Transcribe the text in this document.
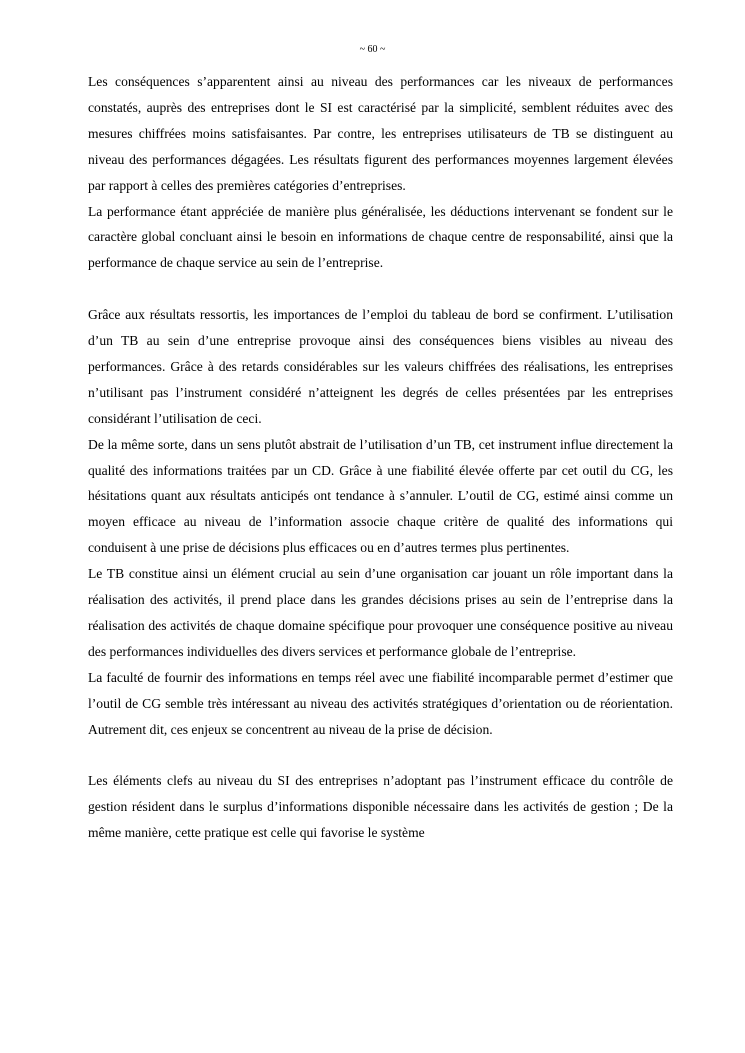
~ 60 ~

Les conséquences s’apparentent ainsi au niveau des performances car les niveaux de performances constatés, auprès des entreprises dont le SI est caractérisé par la simplicité, semblent réduites avec des mesures chiffrées moins satisfaisantes. Par contre, les entreprises utilisateurs de TB se distinguent au niveau des performances dégagées. Les résultats figurent des performances moyennes largement élevées par rapport à celles des premières catégories d’entreprises.

La performance étant appréciée de manière plus généralisée, les déductions intervenant se fondent sur le caractère global concluant ainsi le besoin en informations de chaque centre de responsabilité, ainsi que la performance de chaque service au sein de l’entreprise.

Grâce aux résultats ressortis, les importances de l’emploi du tableau de bord se confirment. L’utilisation d’un TB au sein d’une entreprise provoque ainsi des conséquences biens visibles au niveau des performances. Grâce à des retards considérables sur les valeurs chiffrées des réalisations, les entreprises n’utilisant pas l’instrument considéré n’atteignent les degrés de celles présentées par les entreprises considérant l’utilisation de ceci.

De la même sorte, dans un sens plutôt abstrait de l’utilisation d’un TB, cet instrument influe directement la qualité des informations traitées par un CD. Grâce à une fiabilité élevée offerte par cet outil du CG, les hésitations quant aux résultats anticipés ont tendance à s’annuler. L’outil de CG, estimé ainsi comme un moyen efficace au niveau de l’information associe chaque critère de qualité des informations qui conduisent à une prise de décisions plus efficaces ou en d’autres termes plus pertinentes.

Le TB constitue ainsi un élément crucial au sein d’une organisation car jouant un rôle important dans la réalisation des activités, il prend place dans les grandes décisions prises au sein de l’entreprise dans la réalisation des activités de chaque domaine spécifique pour provoquer une conséquence positive au niveau des performances individuelles des divers services et performance globale de l’entreprise.

La faculté de fournir des informations en temps réel avec une fiabilité incomparable permet d’estimer que l’outil de CG semble très intéressant au niveau des activités stratégiques d’orientation ou de réorientation. Autrement dit, ces enjeux se concentrent au niveau de la prise de décision.

Les éléments clefs au niveau du SI des entreprises n’adoptant pas l’instrument efficace du contrôle de gestion résident dans le surplus d’informations disponible nécessaire dans les activités de gestion ; De la même manière, cette pratique est celle qui favorise le système
